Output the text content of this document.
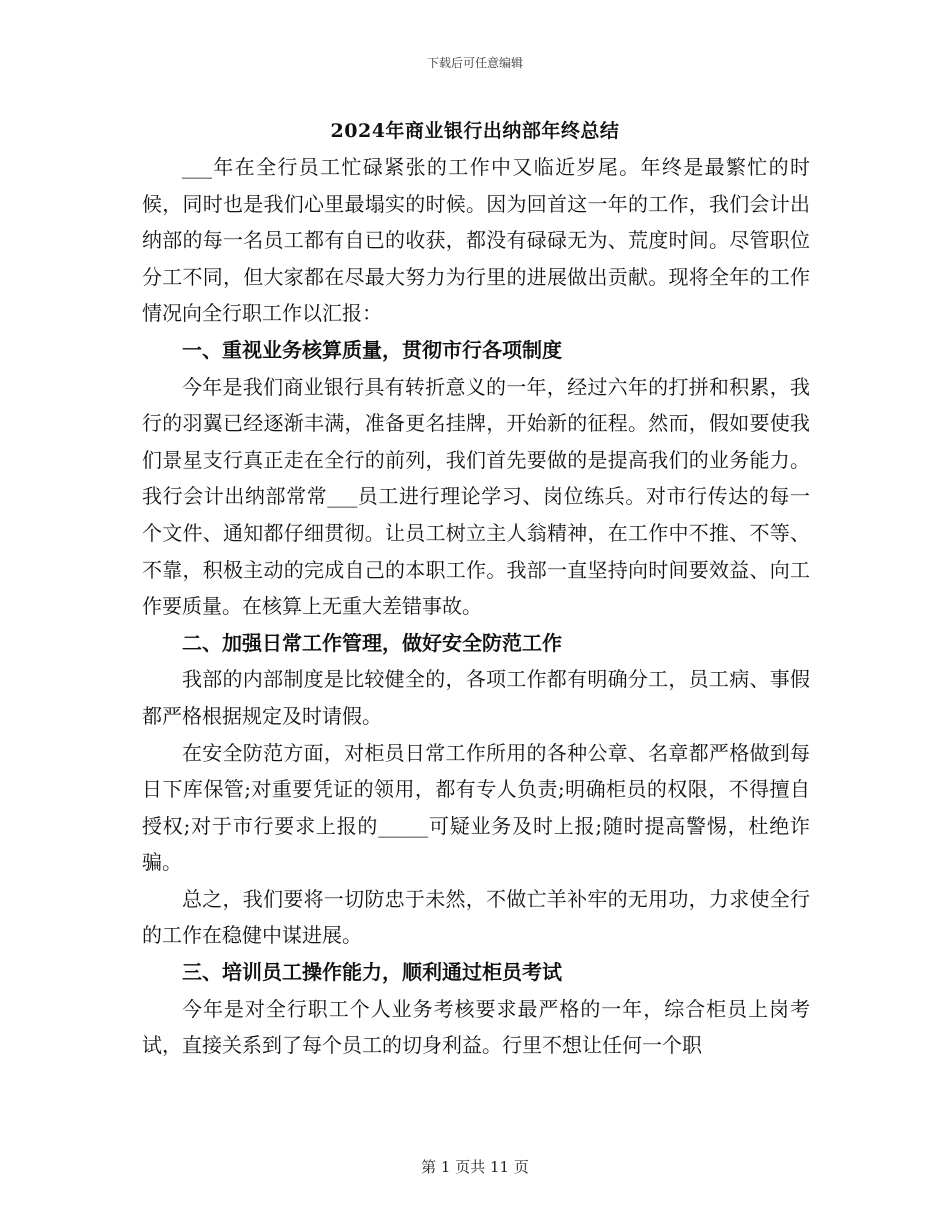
下载后可任意编辑
2024年商业银行出纳部年终总结

___年在全行员工忙碌紧张的工作中又临近岁尾。年终是最繁忙的时候，同时也是我们心里最塌实的时候。因为回首这一年的工作，我们会计出纳部的每一名员工都有自已的收获，都没有碌碌无为、荒度时间。尽管职位分工不同，但大家都在尽最大努力为行里的进展做出贡献。现将全年的工作情况向全行职工作以汇报：

一、重视业务核算质量，贯彻市行各项制度

今年是我们商业银行具有转折意义的一年，经过六年的打拼和积累，我行的羽翼已经逐渐丰满，准备更名挂牌，开始新的征程。然而，假如要使我们景星支行真正走在全行的前列，我们首先要做的是提高我们的业务能力。我行会计出纳部常常___员工进行理论学习、岗位练兵。对市行传达的每一个文件、通知都仔细贯彻。让员工树立主人翁精神，在工作中不推、不等、不靠，积极主动的完成自己的本职工作。我部一直坚持向时间要效益、向工作要质量。在核算上无重大差错事故。

二、加强日常工作管理，做好安全防范工作

我部的内部制度是比较健全的，各项工作都有明确分工，员工病、事假都严格根据规定及时请假。

在安全防范方面，对柜员日常工作所用的各种公章、名章都严格做到每日下库保管;对重要凭证的领用，都有专人负责;明确柜员的权限，不得擅自授权;对于市行要求上报的_____可疑业务及时上报;随时提高警惕，杜绝诈骗。

总之，我们要将一切防忠于未然，不做亡羊补牢的无用功，力求使全行的工作在稳健中谋进展。

三、培训员工操作能力，顺利通过柜员考试

今年是对全行职工个人业务考核要求最严格的一年，综合柜员上岗考试，直接关系到了每个员工的切身利益。行里不想让任何一个职

第 1 页共 11 页
